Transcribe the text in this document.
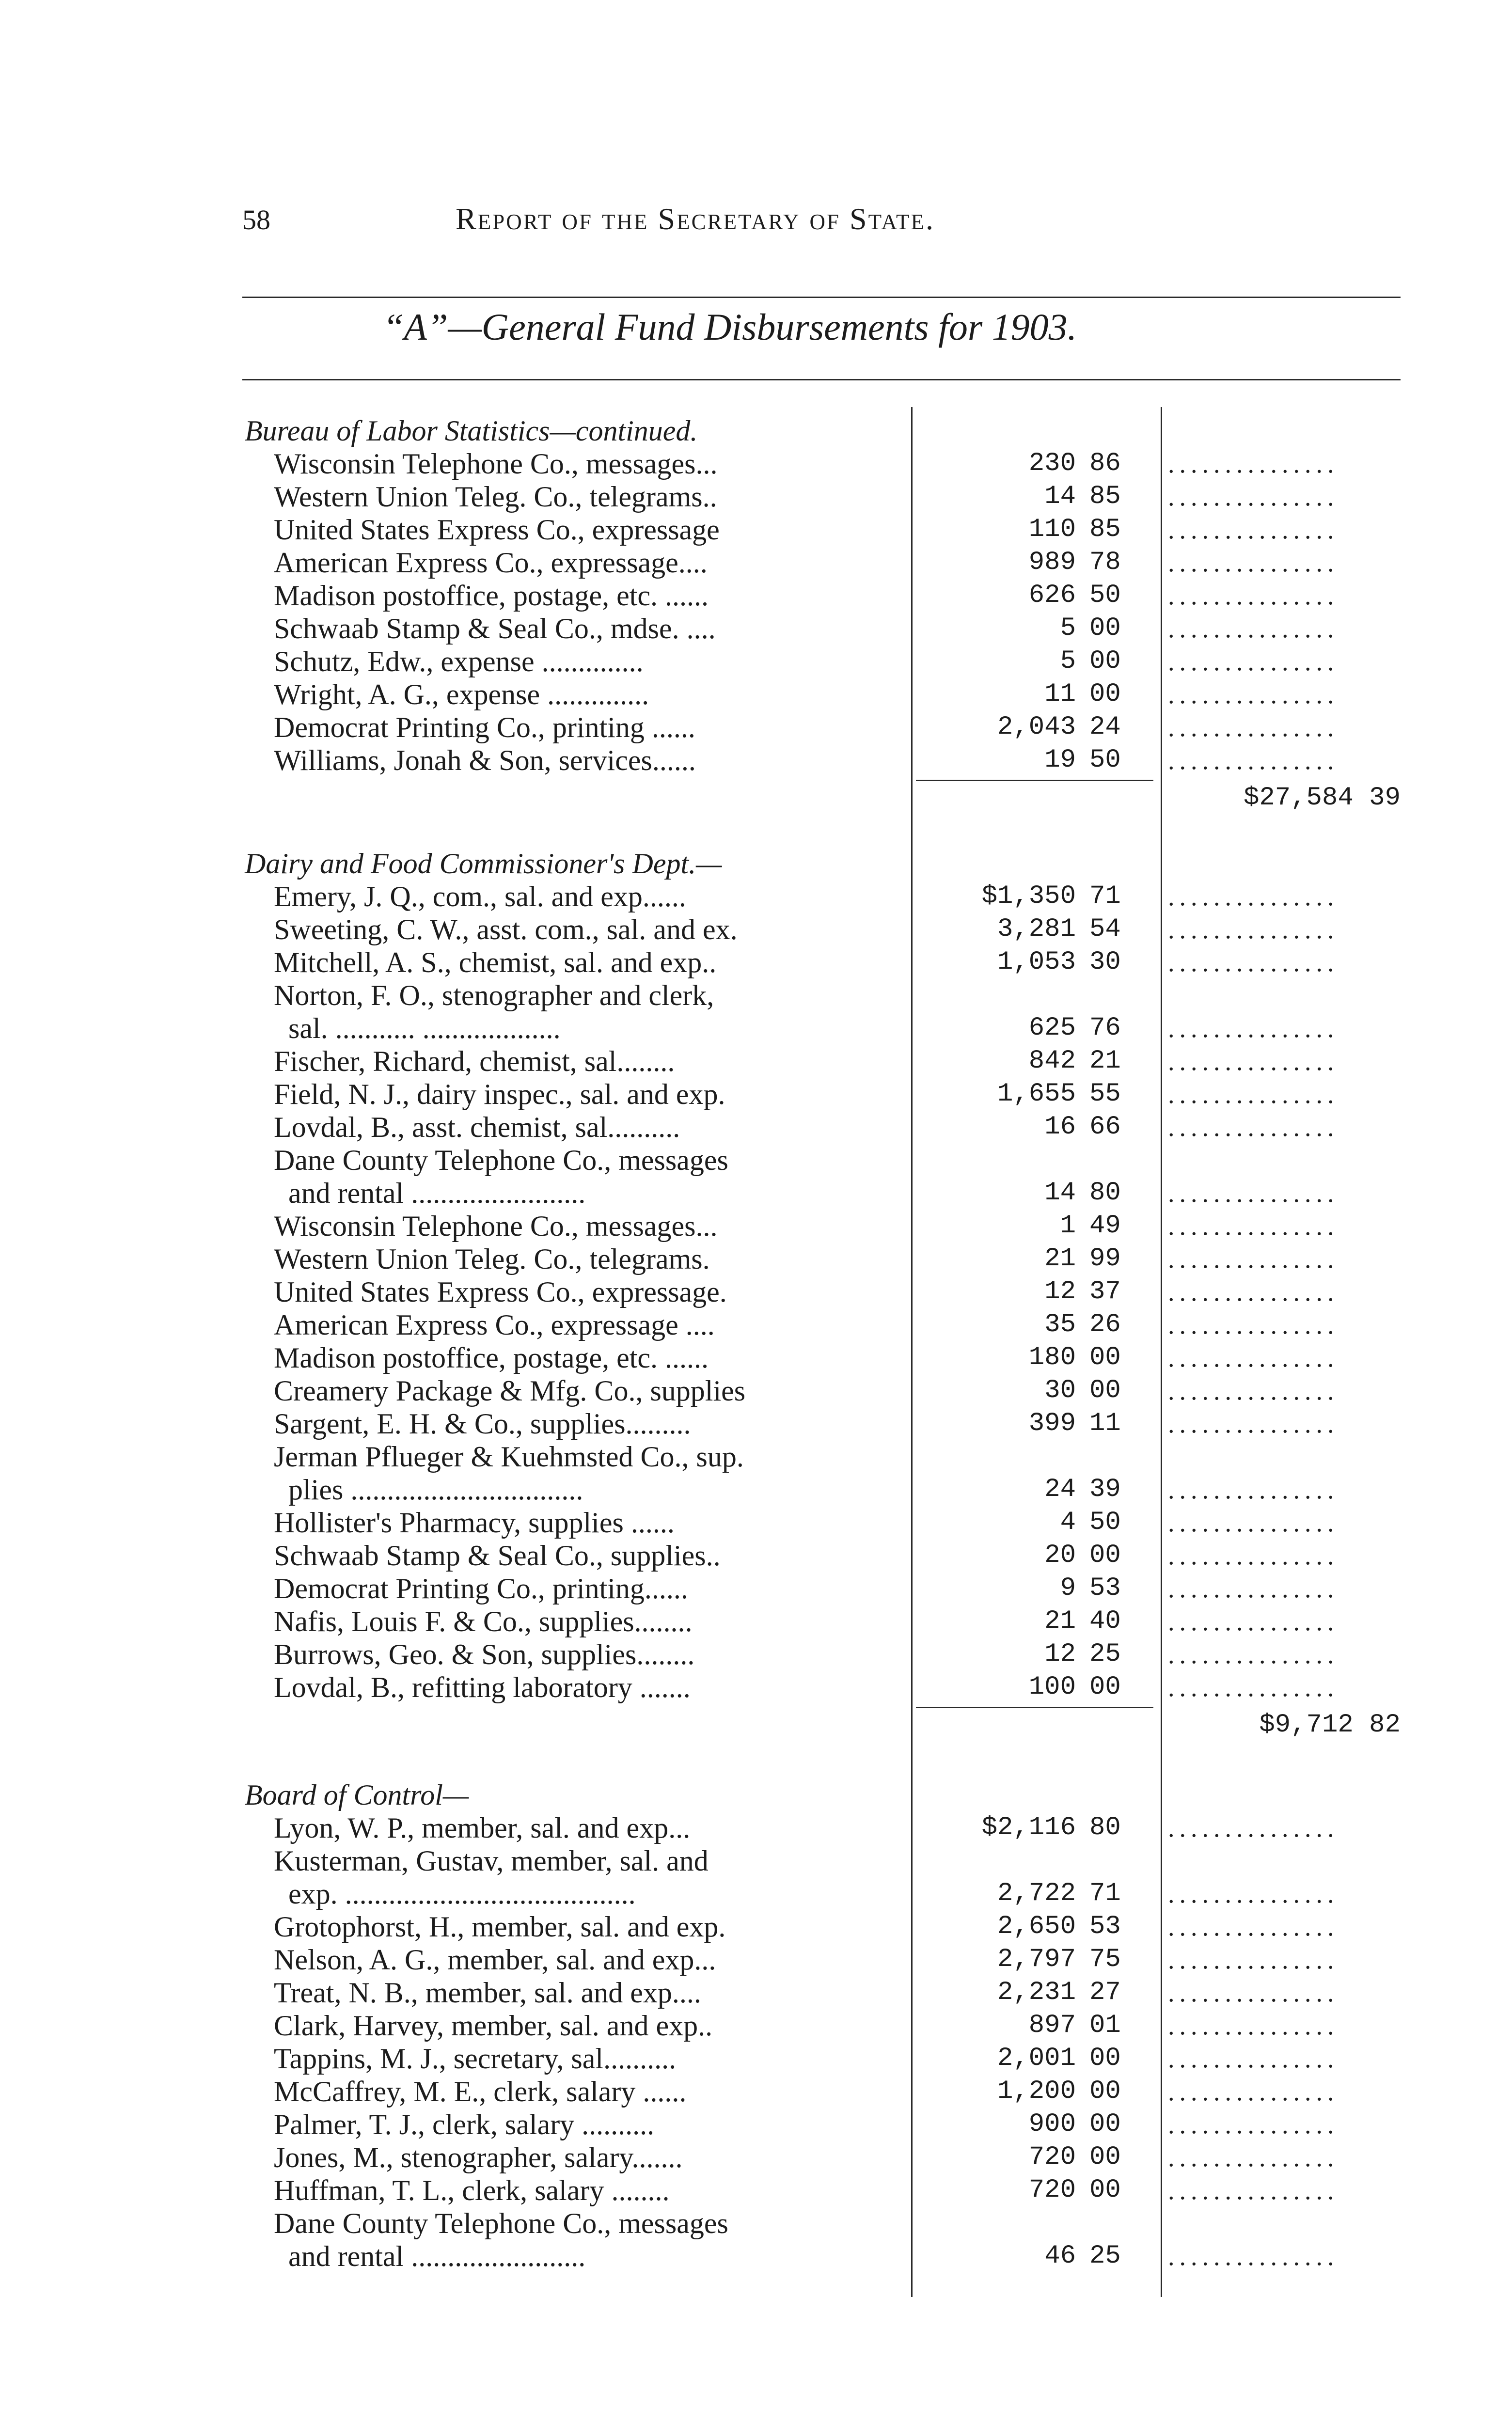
58	Report of the Secretary of State.
“A”—General Fund Disbursements for 1903.
Bureau of Labor Statistics—continued.
Wisconsin Telephone Co., messages...	230 86 ...............
Western Union Teleg. Co., telegrams..	14 85 ...............
United States Express Co., expressage	110 85 ...............
American Express Co., expressage....	989 78 ...............
Madison postoffice, postage, etc. ......	626 50 ...............
Schwaab Stamp & Seal Co., mdse. ....	5 00 ...............
Schutz, Edw., expense ..............	5 00 ...............
Wright, A. G., expense ..............	11 00 ...............
Democrat Printing Co., printing ......	2,043 24 ...............
Williams, Jonah & Son, services......	19 50 ...............
$27,584 39
Dairy and Food Commissioner's Dept.—
Emery, J. Q., com., sal. and exp......	$1,350 71 ...............
Sweeting, C. W., asst. com., sal. and ex.	3,281 54 ...............
Mitchell, A. S., chemist, sal. and exp..	1,053 30 ...............
Norton, F. O., stenographer and clerk,
sal. ........... ...................	625 76 ...............
Fischer, Richard, chemist, sal........	842 21 ...............
Field, N. J., dairy inspec., sal. and exp.	1,655 55 ...............
Lovdal, B., asst. chemist, sal..........	16 66 ...............
Dane County Telephone Co., messages
and rental ........................	14 80 ...............
Wisconsin Telephone Co., messages...	1 49 ...............
Western Union Teleg. Co., telegrams.	21 99 ...............
United States Express Co., expressage.	12 37 ...............
American Express Co., expressage ....	35 26 ...............
Madison postoffice, postage, etc. ......	180 00 ...............
Creamery Package & Mfg. Co., supplies	30 00 ...............
Sargent, E. H. & Co., supplies.........	399 11 ...............
Jerman Pflueger & Kuehmsted Co., sup.
plies ................................	24 39 ...............
Hollister's Pharmacy, supplies ......	4 50 ...............
Schwaab Stamp & Seal Co., supplies..	20 00 ...............
Democrat Printing Co., printing......	9 53 ...............
Nafis, Louis F. & Co., supplies........	21 40 ...............
Burrows, Geo. & Son, supplies........	12 25 ...............
Lovdal, B., refitting laboratory .......	100 00 ...............
$9,712 82
Board of Control—
Lyon, W. P., member, sal. and exp...	$2,116 80 ...............
Kusterman, Gustav, member, sal. and
exp. ........................................	2,722 71 ...............
Grotophorst, H., member, sal. and exp.	2,650 53 ...............
Nelson, A. G., member, sal. and exp...	2,797 75 ...............
Treat, N. B., member, sal. and exp....	2,231 27 ...............
Clark, Harvey, member, sal. and exp..	897 01 ...............
Tappins, M. J., secretary, sal..........	2,001 00 ...............
McCaffrey, M. E., clerk, salary ......	1,200 00 ...............
Palmer, T. J., clerk, salary ..........	900 00 ...............
Jones, M., stenographer, salary.......	720 00 ...............
Huffman, T. L., clerk, salary ........	720 00 ...............
Dane County Telephone Co., messages
and rental ........................	46 25 ...............
